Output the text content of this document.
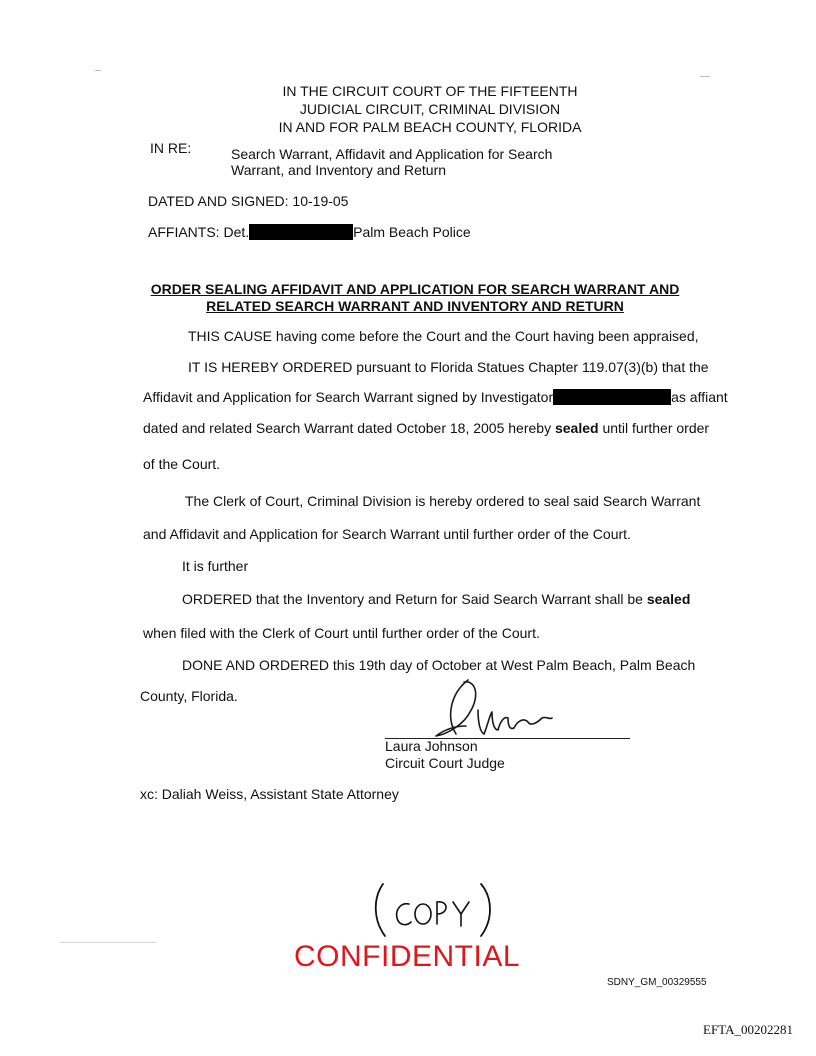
IN THE CIRCUIT COURT OF THE FIFTEENTH
JUDICIAL CIRCUIT, CRIMINAL DIVISION
IN AND FOR PALM BEACH COUNTY, FLORIDA
IN RE:	Search Warrant, Affidavit and Application for Search
Warrant, and Inventory and Return
DATED AND SIGNED: 10-19-05
AFFIANTS: Det.	Palm Beach Police
ORDER SEALING AFFIDAVIT AND APPLICATION FOR SEARCH WARRANT AND
RELATED SEARCH WARRANT AND INVENTORY AND RETURN
THIS CAUSE having come before the Court and the Court having been appraised,
IT IS HEREBY ORDERED pursuant to Florida Statues Chapter 119.07(3)(b) that the
Affidavit and Application for Search Warrant signed by Investigator	as affiant
dated and related Search Warrant dated October 18, 2005 hereby sealed until further order
of the Court.
The Clerk of Court, Criminal Division is hereby ordered to seal said Search Warrant
and Affidavit and Application for Search Warrant until further order of the Court.
It is further
ORDERED that the Inventory and Return for Said Search Warrant shall be sealed
when filed with the Clerk of Court until further order of the Court.
DONE AND ORDERED this 19th day of October at West Palm Beach, Palm Beach
County, Florida.
Laura Johnson
Circuit Court Judge
xc: Daliah Weiss, Assistant State Attorney
CONFIDENTIAL
SDNY_GM_00329555
EFTA_00202281
